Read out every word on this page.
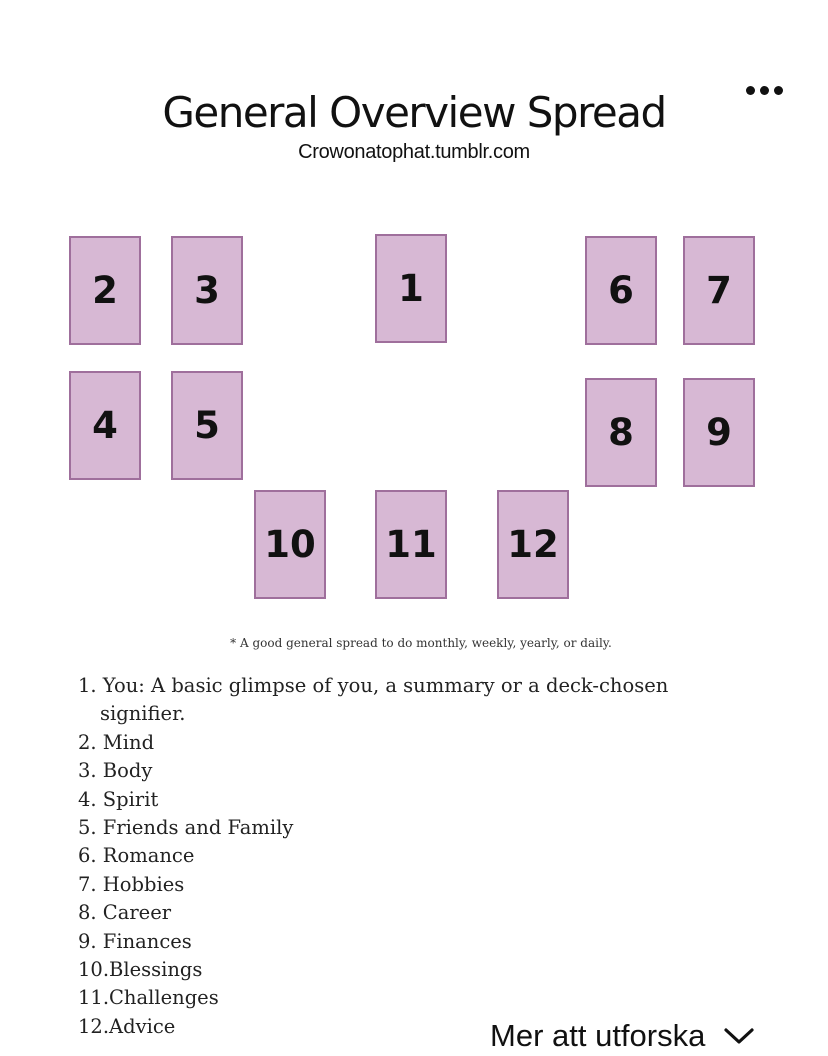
General Overview Spread
Crowonatophat.tumblr.com
2	3	1	6	7
4	5	8	9
10 11 12
* A good general spread to do monthly, weekly, yearly, or daily.
1. You: A basic glimpse of you, a summary or a deck-chosen signifier.
2. Mind
3. Body
4. Spirit
5. Friends and Family
6. Romance
7. Hobbies
8. Career
9. Finances
10.Blessings
11.Challenges
12.Advice	Mer att utforska
